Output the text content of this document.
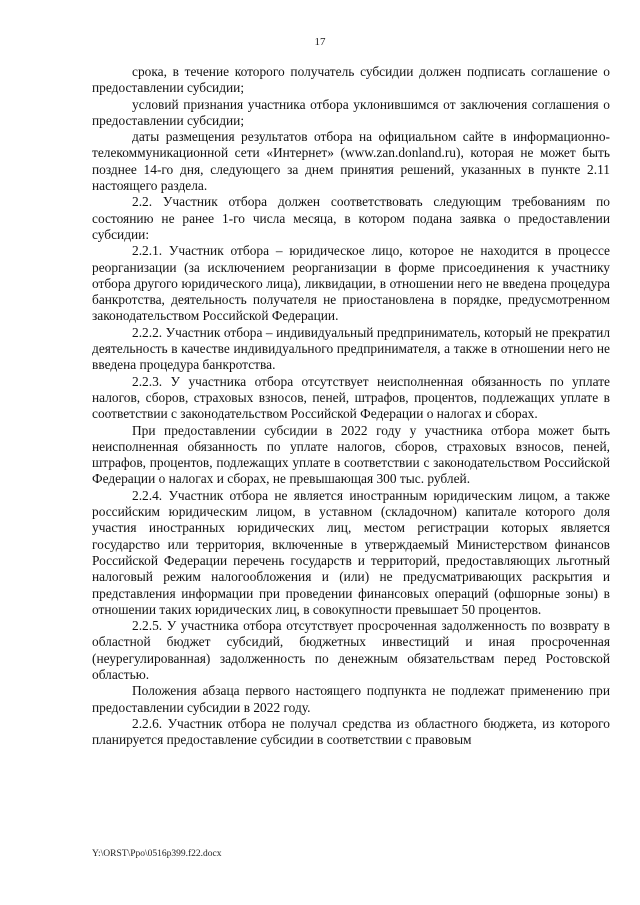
17

срока, в течение которого получатель субсидии должен подписать соглашение о предоставлении субсидии;

условий признания участника отбора уклонившимся от заключения соглашения о предоставлении субсидии;

даты размещения результатов отбора на официальном сайте в информационно-телекоммуникационной сети «Интернет» (www.zan.donland.ru), которая не может быть позднее 14-го дня, следующего за днем принятия решений, указанных в пункте 2.11 настоящего раздела.

2.2. Участник отбора должен соответствовать следующим требованиям по состоянию не ранее 1-го числа месяца, в котором подана заявка о предоставлении субсидии:

2.2.1. Участник отбора – юридическое лицо, которое не находится в процессе реорганизации (за исключением реорганизации в форме присоединения к участнику отбора другого юридического лица), ликвидации, в отношении него не введена процедура банкротства, деятельность получателя не приостановлена в порядке, предусмотренном законодательством Российской Федерации.

2.2.2. Участник отбора – индивидуальный предприниматель, который не прекратил деятельность в качестве индивидуального предпринимателя, а также в отношении него не введена процедура банкротства.

2.2.3. У участника отбора отсутствует неисполненная обязанность по уплате налогов, сборов, страховых взносов, пеней, штрафов, процентов, подлежащих уплате в соответствии с законодательством Российской Федерации о налогах и сборах.

При предоставлении субсидии в 2022 году у участника отбора может быть неисполненная обязанность по уплате налогов, сборов, страховых взносов, пеней, штрафов, процентов, подлежащих уплате в соответствии с законодательством Российской Федерации о налогах и сборах, не превышающая 300 тыс. рублей.

2.2.4. Участник отбора не является иностранным юридическим лицом, а также российским юридическим лицом, в уставном (складочном) капитале которого доля участия иностранных юридических лиц, местом регистрации которых является государство или территория, включенные в утверждаемый Министерством финансов Российской Федерации перечень государств и территорий, предоставляющих льготный налоговый режим налогообложения и (или) не предусматривающих раскрытия и представления информации при проведении финансовых операций (офшорные зоны) в отношении таких юридических лиц, в совокупности превышает 50 процентов.

2.2.5. У участника отбора отсутствует просроченная задолженность по возврату в областной бюджет субсидий, бюджетных инвестиций и иная просроченная (неурегулированная) задолженность по денежным обязательствам перед Ростовской областью.

Положения абзаца первого настоящего подпункта не подлежат применению при предоставлении субсидии в 2022 году.

2.2.6. Участник отбора не получал средства из областного бюджета, из которого планируется предоставление субсидии в соответствии с правовым

Y:\ORST\Ppo\0516p399.f22.docx
